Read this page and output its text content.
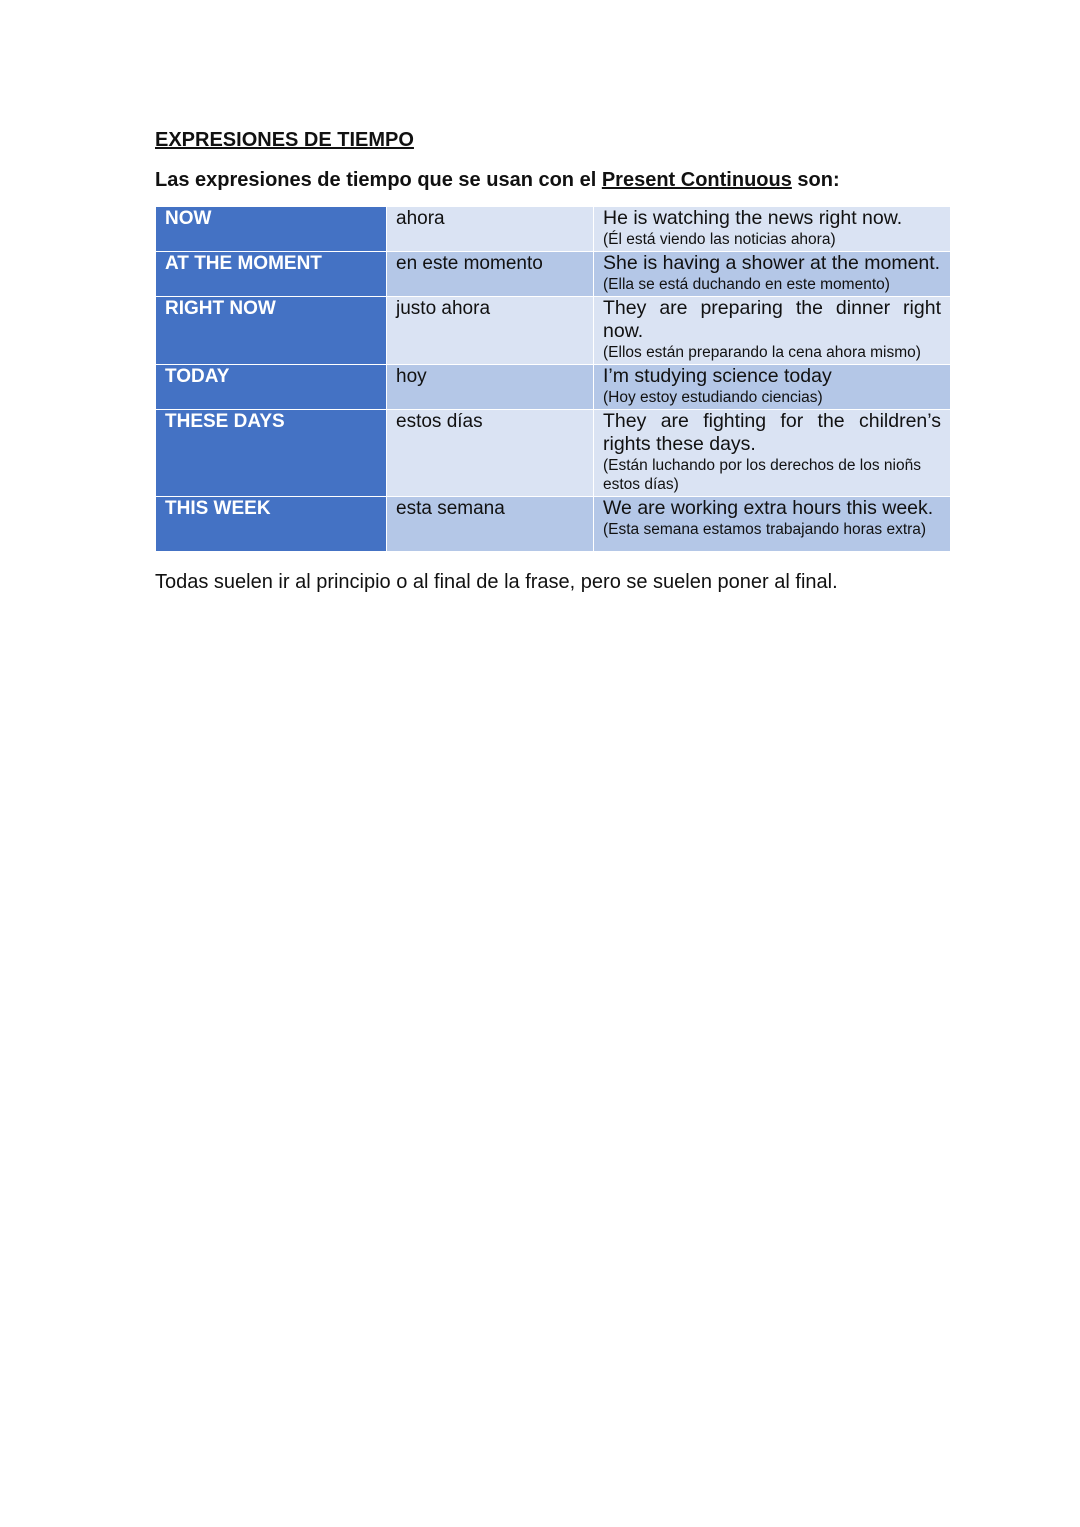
EXPRESIONES DE TIEMPO

Las expresiones de tiempo que se usan con el Present Continuous son:

NOW	ahora	He is watching the news right now.
(Él está viendo las noticias ahora)

AT THE MOMENT	en este momento	She is having a shower at the moment.
(Ella se está duchando en este momento)

RIGHT NOW	justo ahora	They are preparing the dinner right now.
(Ellos están preparando la cena ahora mismo)

TODAY	hoy	I’m studying science today
(Hoy estoy estudiando ciencias)

THESE DAYS	estos días	They are fighting for the children’s rights these days.
(Están luchando por los derechos de los nioñs estos días)

THIS WEEK	esta semana	We are working extra hours this week.
(Esta semana estamos trabajando horas extra)

Todas suelen ir al principio o al final de la frase, pero se suelen poner al final.
